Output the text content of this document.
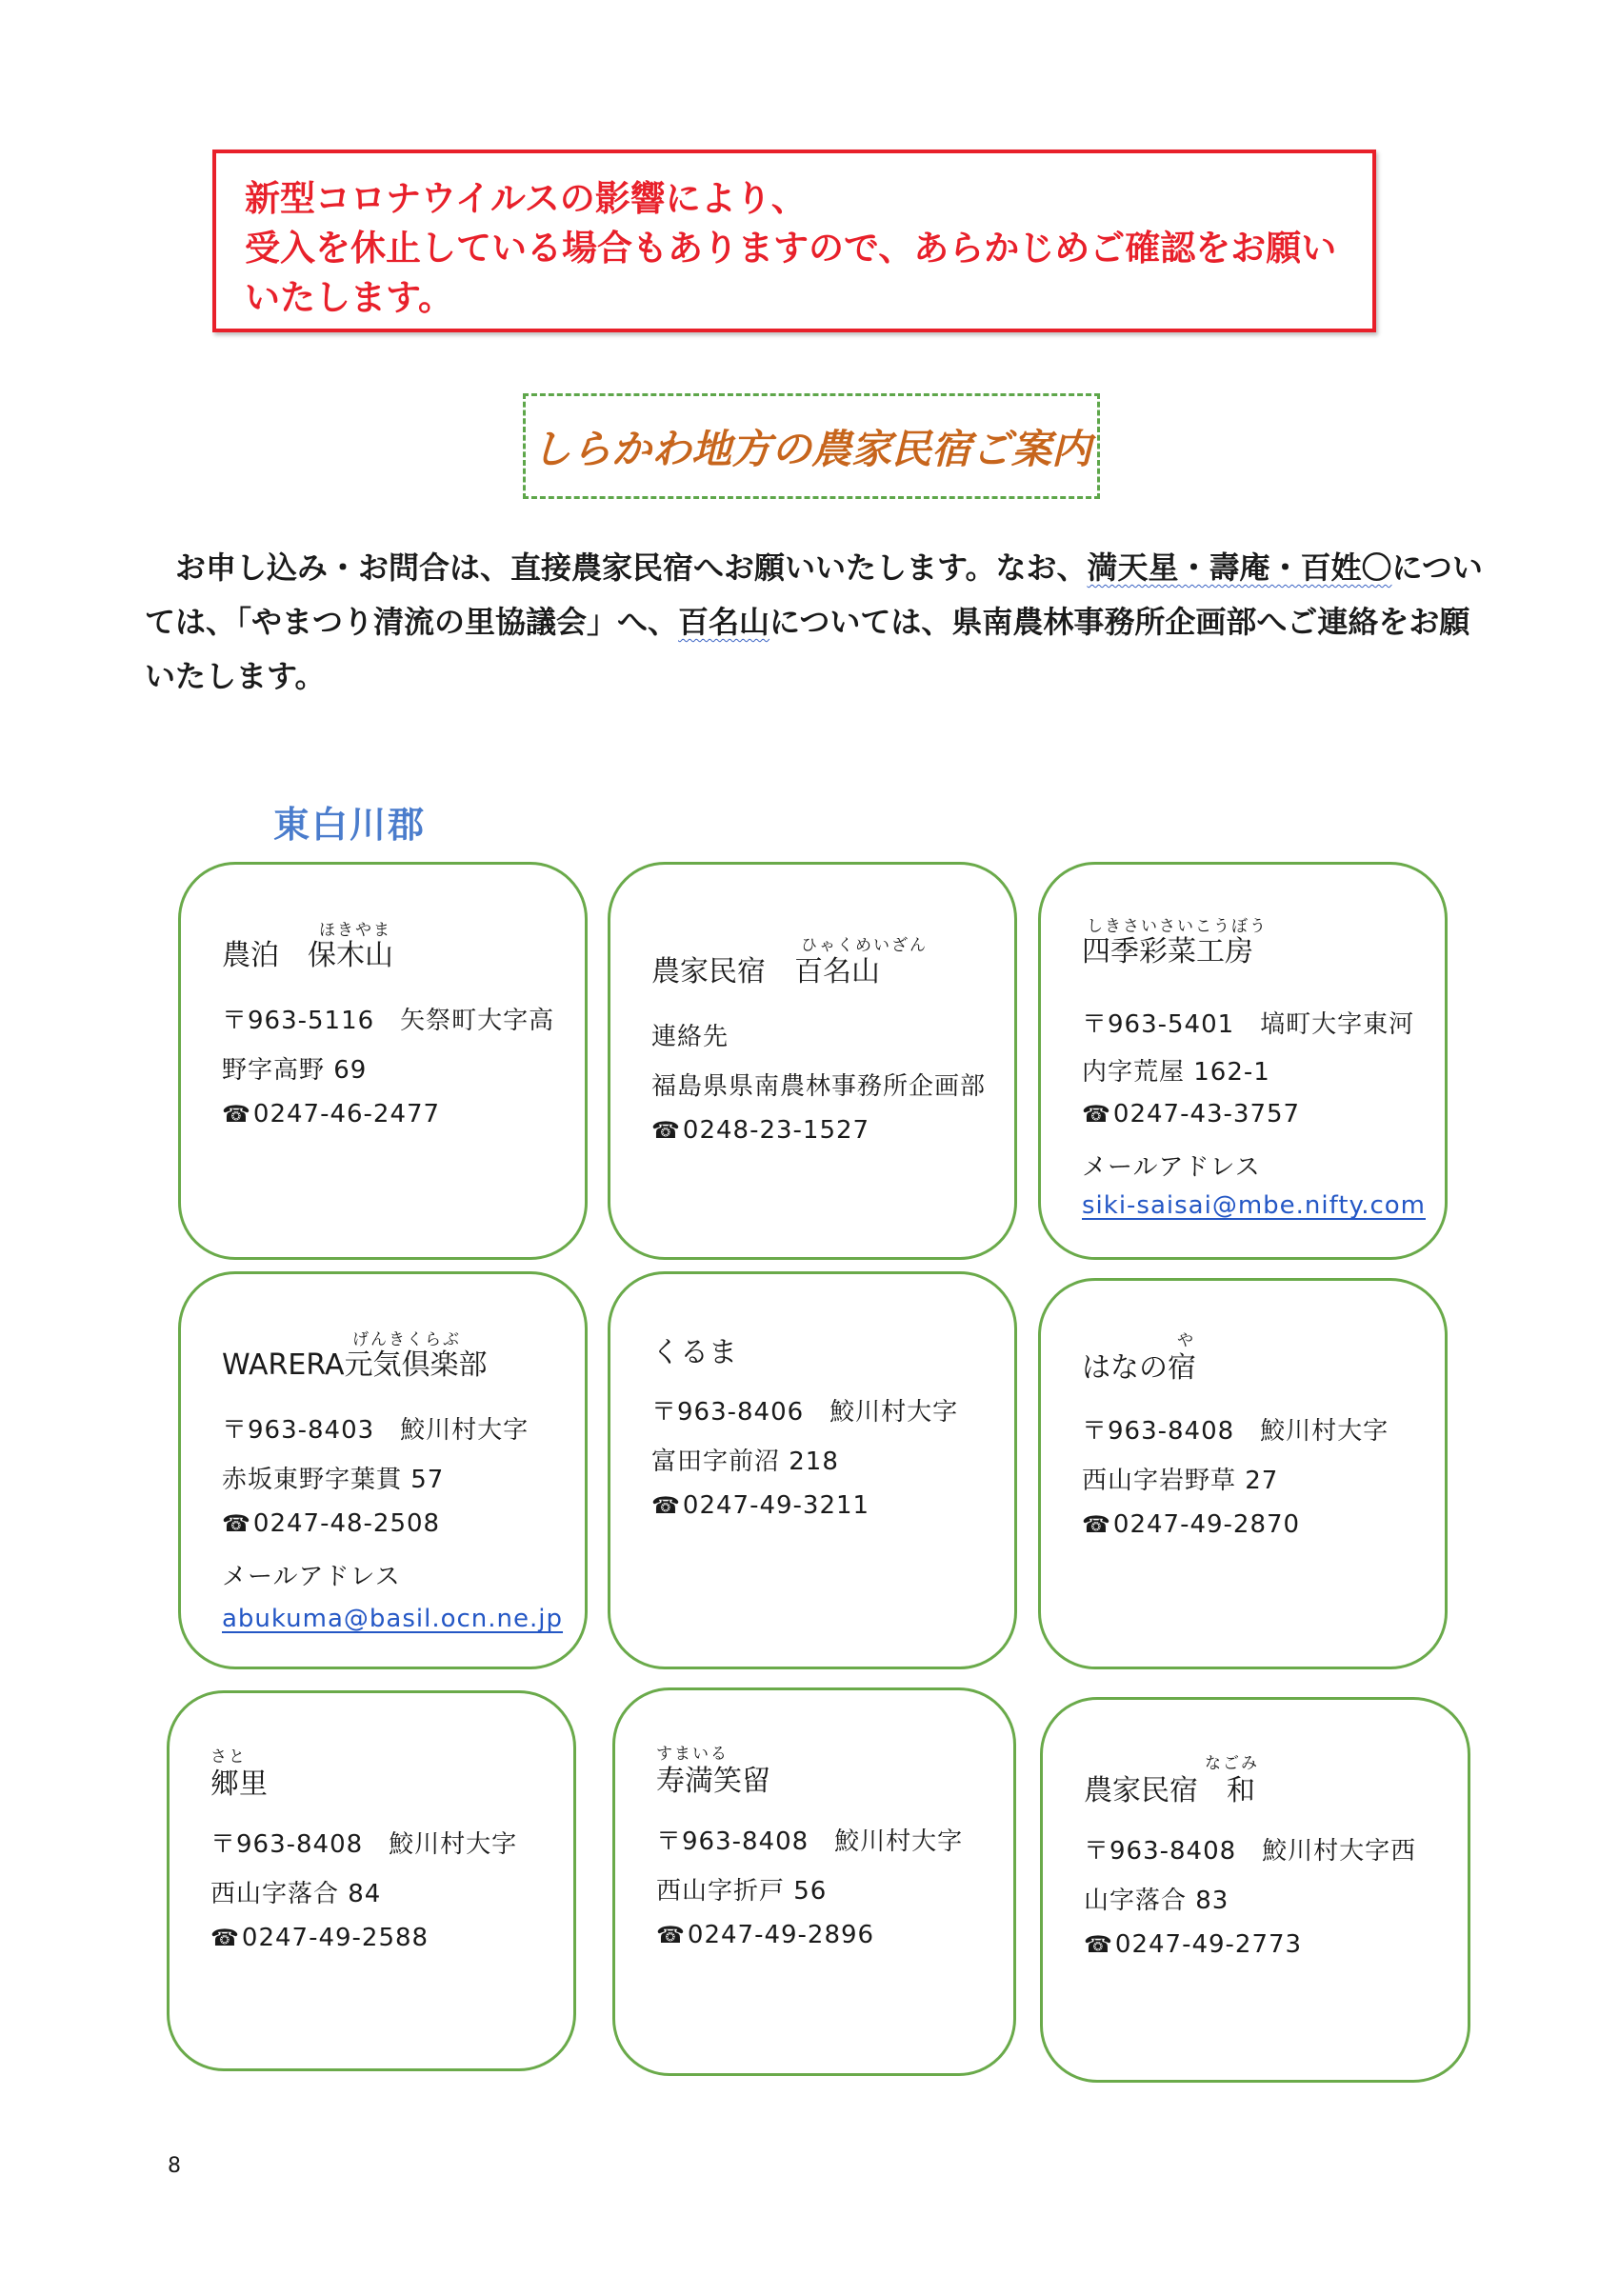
新型コロナウイルスの影響により、
受入を休止している場合もありますので、あらかじめご確認をお願い
いたします。
しらかわ地方の農家民宿ご案内

　お申し込み・お問合は、直接農家民宿へお願いいたします。なお、満天星・壽庵・百姓〇につい

ては、「やまつり清流の里協議会」へ、百名山については、県南農林事務所企画部へご連絡をお願

いたします。

東白川郡
ほきやま
農泊　保木山
〒963-5116　矢祭町大字高
野字高野 69
☎0247-46-2477
ひゃくめいざん
農家民宿　百名山
連絡先
福島県県南農林事務所企画部
☎0248-23-1527
しきさいさいこうぼう
四季彩菜工房
〒963-5401　塙町大字東河
内字荒屋 162-1
☎0247-43-3757
メールアドレス
siki-saisai@mbe.nifty.com
げんきくらぶ
WARERA元気倶楽部
〒963-8403　鮫川村大字
赤坂東野字葉貫 57
☎0247-48-2508
メールアドレス
abukuma@basil.ocn.ne.jp
くるま
〒963-8406　鮫川村大字
富田字前沼 218
☎0247-49-3211
や
はなの宿
〒963-8408　鮫川村大字
西山字岩野草 27
☎0247-49-2870
さと
郷里
〒963-8408　鮫川村大字
西山字落合 84
☎0247-49-2588
すまいる
寿満笑留
〒963-8408　鮫川村大字
西山字折戸 56
☎0247-49-2896
なごみ
農家民宿　和
〒963-8408　鮫川村大字西
山字落合 83
☎0247-49-2773
8
